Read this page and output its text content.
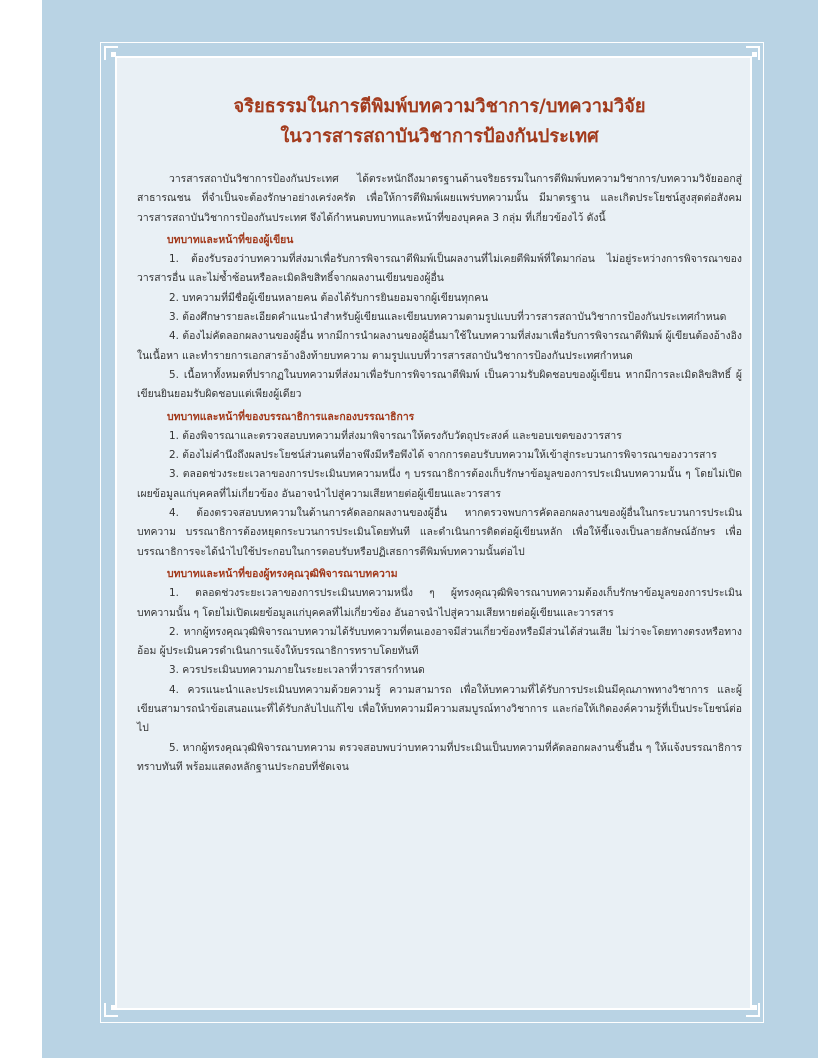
จริยธรรมในการตีพิมพ์บทความวิชาการ/บทความวิจัย
ในวารสารสถาบันวิชาการป้องกันประเทศ

วารสารสถาบันวิชาการป้องกันประเทศ ได้ตระหนักถึงมาตรฐานด้านจริยธรรมในการตีพิมพ์บทความวิชาการ/บทความวิจัยออกสู่สาธารณชน ที่จำเป็นจะต้องรักษาอย่างเคร่งครัด เพื่อให้การตีพิมพ์เผยแพร่บทความนั้น มีมาตรฐาน และเกิดประโยชน์สูงสุดต่อสังคม วารสารสถาบันวิชาการป้องกันประเทศ จึงได้กำหนดบทบาทและหน้าที่ของบุคคล 3 กลุ่ม ที่เกี่ยวข้องไว้ ดังนี้

บทบาทและหน้าที่ของผู้เขียน

1. ต้องรับรองว่าบทความที่ส่งมาเพื่อรับการพิจารณาตีพิมพ์เป็นผลงานที่ไม่เคยตีพิมพ์ที่ใดมาก่อน ไม่อยู่ระหว่างการพิจารณาของวารสารอื่น และไม่ซ้ำซ้อนหรือละเมิดลิขสิทธิ์จากผลงานเขียนของผู้อื่น

2. บทความที่มีชื่อผู้เขียนหลายคน ต้องได้รับการยินยอมจากผู้เขียนทุกคน

3. ต้องศึกษารายละเอียดคำแนะนำสำหรับผู้เขียนและเขียนบทความตามรูปแบบที่วารสารสถาบันวิชาการป้องกันประเทศกำหนด

4. ต้องไม่คัดลอกผลงานของผู้อื่น หากมีการนำผลงานของผู้อื่นมาใช้ในบทความที่ส่งมาเพื่อรับการพิจารณาตีพิมพ์ ผู้เขียนต้องอ้างอิงในเนื้อหา และทำรายการเอกสารอ้างอิงท้ายบทความ ตามรูปแบบที่วารสารสถาบันวิชาการป้องกันประเทศกำหนด

5. เนื้อหาทั้งหมดที่ปรากฏในบทความที่ส่งมาเพื่อรับการพิจารณาตีพิมพ์ เป็นความรับผิดชอบของผู้เขียน หากมีการละเมิดลิขสิทธิ์ ผู้เขียนยินยอมรับผิดชอบแต่เพียงผู้เดียว

บทบาทและหน้าที่ของบรรณาธิการและกองบรรณาธิการ

1. ต้องพิจารณาและตรวจสอบบทความที่ส่งมาพิจารณาให้ตรงกับวัตถุประสงค์ และขอบเขตของวารสาร

2. ต้องไม่คำนึงถึงผลประโยชน์ส่วนตนที่อาจพึงมีหรือพึงได้ จากการตอบรับบทความให้เข้าสู่กระบวนการพิจารณาของวารสาร

3. ตลอดช่วงระยะเวลาของการประเมินบทความหนึ่ง ๆ บรรณาธิการต้องเก็บรักษาข้อมูลของการประเมินบทความนั้น ๆ โดยไม่เปิดเผยข้อมูลแก่บุคคลที่ไม่เกี่ยวข้อง อันอาจนำไปสู่ความเสียหายต่อผู้เขียนและวารสาร

4. ต้องตรวจสอบบทความในด้านการคัดลอกผลงานของผู้อื่น หากตรวจพบการคัดลอกผลงานของผู้อื่นในกระบวนการประเมินบทความ บรรณาธิการต้องหยุดกระบวนการประเมินโดยทันที และดำเนินการติดต่อผู้เขียนหลัก เพื่อให้ชี้แจงเป็นลายลักษณ์อักษร เพื่อบรรณาธิการจะได้นำไปใช้ประกอบในการตอบรับหรือปฏิเสธการตีพิมพ์บทความนั้นต่อไป

บทบาทและหน้าที่ของผู้ทรงคุณวุฒิพิจารณาบทความ

1. ตลอดช่วงระยะเวลาของการประเมินบทความหนึ่ง ๆ ผู้ทรงคุณวุฒิพิจารณาบทความต้องเก็บรักษาข้อมูลของการประเมินบทความนั้น ๆ โดยไม่เปิดเผยข้อมูลแก่บุคคลที่ไม่เกี่ยวข้อง อันอาจนำไปสู่ความเสียหายต่อผู้เขียนและวารสาร

2. หากผู้ทรงคุณวุฒิพิจารณาบทความได้รับบทความที่ตนเองอาจมีส่วนเกี่ยวข้องหรือมีส่วนได้ส่วนเสีย ไม่ว่าจะโดยทางตรงหรือทางอ้อม ผู้ประเมินควรดำเนินการแจ้งให้บรรณาธิการทราบโดยทันที

3. ควรประเมินบทความภายในระยะเวลาที่วารสารกำหนด

4. ควรแนะนำและประเมินบทความด้วยความรู้ ความสามารถ เพื่อให้บทความที่ได้รับการประเมินมีคุณภาพทางวิชาการ และผู้เขียนสามารถนำข้อเสนอแนะที่ได้รับกลับไปแก้ไข เพื่อให้บทความมีความสมบูรณ์ทางวิชาการ และก่อให้เกิดองค์ความรู้ที่เป็นประโยชน์ต่อไป

5. หากผู้ทรงคุณวุฒิพิจารณาบทความ ตรวจสอบพบว่าบทความที่ประเมินเป็นบทความที่คัดลอกผลงานชิ้นอื่น ๆ ให้แจ้งบรรณาธิการทราบทันที พร้อมแสดงหลักฐานประกอบที่ชัดเจน
